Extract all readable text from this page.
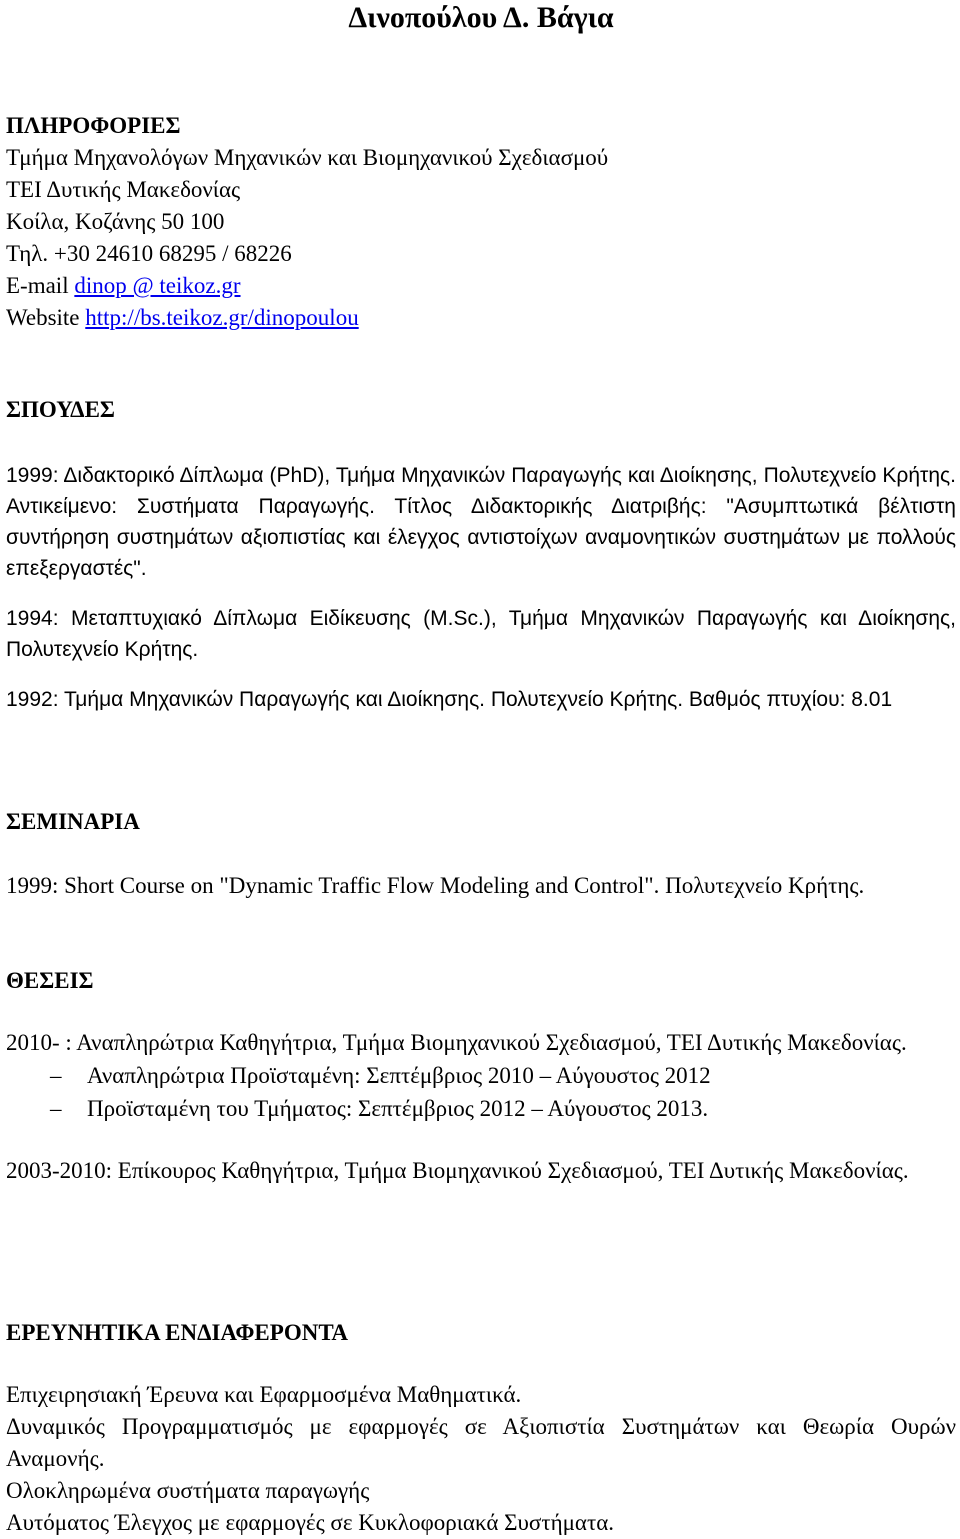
Δινοπούλου Δ. Βάγια

ΠΛΗΡΟΦΟΡΙΕΣ

Τμήμα Μηχανολόγων Μηχανικών και Βιομηχανικού Σχεδιασμού

ΤΕΙ Δυτικής Μακεδονίας

Κοίλα, Κοζάνης 50 100

Τηλ. +30 24610 68295 / 68226

E-mail dinop @ teikoz.gr

Website http://bs.teikoz.gr/dinopoulou

ΣΠΟΥΔΕΣ

1999: Διδακτορικό Δίπλωμα (PhD), Τμήμα Μηχανικών Παραγωγής και Διοίκησης, Πολυτεχνείο Κρήτης. Αντικείμενο: Συστήματα Παραγωγής. Τίτλος Διδακτορικής Διατριβής: "Ασυμπτωτικά βέλτιστη συντήρηση συστημάτων αξιοπιστίας και έλεγχος αντιστοίχων αναμονητικών συστημάτων με πολλούς επεξεργαστές".

1994: Μεταπτυχιακό Δίπλωμα Ειδίκευσης (M.Sc.), Τμήμα Μηχανικών Παραγωγής και Διοίκησης, Πολυτεχνείο Κρήτης.

1992: Τμήμα Μηχανικών Παραγωγής και Διοίκησης. Πολυτεχνείο Κρήτης. Βαθμός πτυχίου: 8.01

ΣΕΜΙΝΑΡΙΑ

1999: Short Course on "Dynamic Traffic Flow Modeling and Control". Πολυτεχνείο Κρήτης.

ΘΕΣΕΙΣ

2010- : Αναπληρώτρια Καθηγήτρια, Τμήμα Βιομηχανικού Σχεδιασμού, ΤΕΙ Δυτικής Μακεδονίας.

– Αναπληρώτρια Προϊσταμένη: Σεπτέμβριος 2010 – Αύγουστος 2012
– Προϊσταμένη του Τμήματος: Σεπτέμβριος 2012 – Αύγουστος 2013.

2003-2010: Επίκουρος Καθηγήτρια, Τμήμα Βιομηχανικού Σχεδιασμού, ΤΕΙ Δυτικής Μακεδονίας.

ΕΡΕΥΝΗΤΙΚΑ ΕΝΔΙΑΦΕΡΟΝΤΑ

Επιχειρησιακή Έρευνα και Εφαρμοσμένα Μαθηματικά.

Δυναμικός Προγραμματισμός με εφαρμογές σε Αξιοπιστία Συστημάτων και Θεωρία Ουρών Αναμονής.

Ολοκληρωμένα συστήματα παραγωγής

Αυτόματος Έλεγχος με εφαρμογές σε Κυκλοφοριακά Συστήματα.
